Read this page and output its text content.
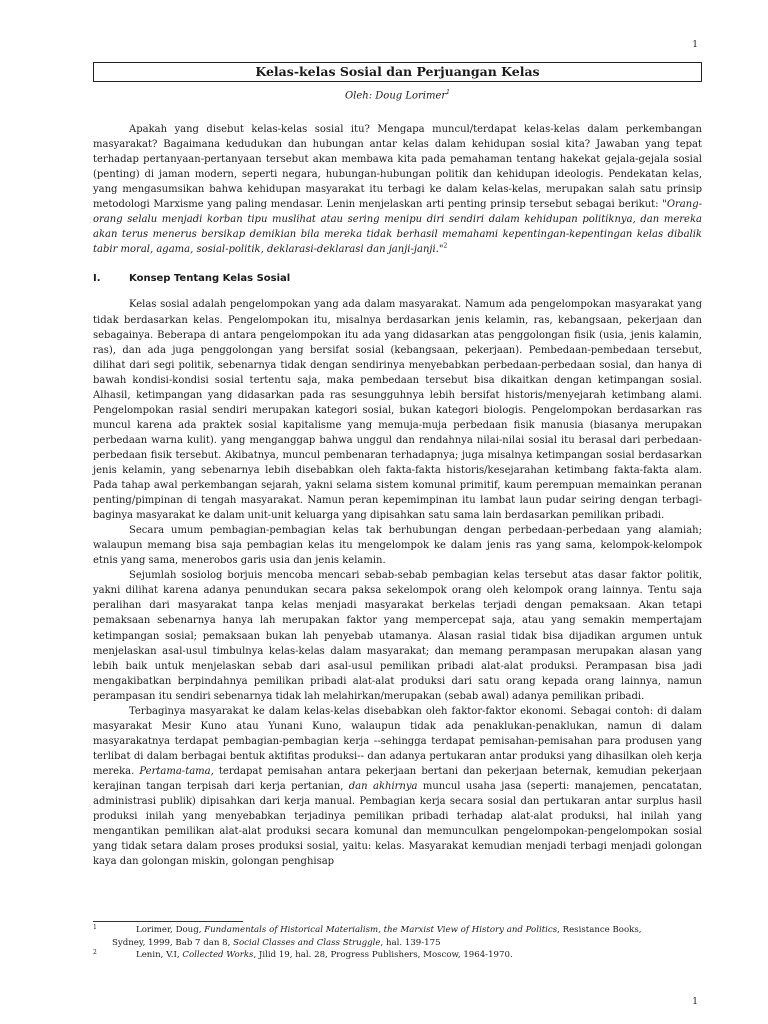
1
Kelas-kelas Sosial dan Perjuangan Kelas
Oleh: Doug Lorimer$^1$

Apakah yang disebut kelas-kelas sosial itu? Mengapa muncul/terdapat kelas-kelas dalam perkembangan masyarakat? Bagaimana kedudukan dan hubungan antar kelas dalam kehidupan sosial kita? Jawaban yang tepat terhadap pertanyaan-pertanyaan tersebut akan membawa kita pada pemahaman tentang hakekat gejala-gejala sosial (penting) di jaman modern, seperti negara, hubungan-hubungan politik dan kehidupan ideologis. Pendekatan kelas, yang mengasumsikan bahwa kehidupan masyarakat itu terbagi ke dalam kelas-kelas, merupakan salah satu prinsip metodologi Marxisme yang paling mendasar. Lenin menjelaskan arti penting prinsip tersebut sebagai berikut: "Orang-orang selalu menjadi korban tipu muslihat atau sering menipu diri sendiri dalam kehidupan politiknya, dan mereka akan terus menerus bersikap demikian bila mereka tidak berhasil memahami kepentingan-kepentingan kelas dibalik tabir moral, agama, sosial-politik, deklarasi-deklarasi dan janji-janji."$^2$

I.	Konsep Tentang Kelas Sosial

Kelas sosial adalah pengelompokan yang ada dalam masyarakat. Namum ada pengelompokan masyarakat yang tidak berdasarkan kelas. Pengelompokan itu, misalnya berdasarkan jenis kelamin, ras, kebangsaan, pekerjaan dan sebagainya. Beberapa di antara pengelompokan itu ada yang didasarkan atas penggolongan fisik (usia, jenis kalamin, ras), dan ada juga penggolongan yang bersifat sosial (kebangsaan, pekerjaan). Pembedaan-pembedaan tersebut, dilihat dari segi politik, sebenarnya tidak dengan sendirinya menyebabkan perbedaan-perbedaan sosial, dan hanya di bawah kondisi-kondisi sosial tertentu saja, maka pembedaan tersebut bisa dikaitkan dengan ketimpangan sosial. Alhasil, ketimpangan yang didasarkan pada ras sesungguhnya lebih bersifat historis/menyejarah ketimbang alami. Pengelompokan rasial sendiri merupakan kategori sosial, bukan kategori biologis. Pengelompokan berdasarkan ras muncul karena ada praktek sosial kapitalisme yang memuja-muja perbedaan fisik manusia (biasanya merupakan perbedaan warna kulit). yang menganggap bahwa unggul dan rendahnya nilai-nilai sosial itu berasal dari perbedaan-perbedaan fisik tersebut. Akibatnya, muncul pembenaran terhadapnya; juga misalnya ketimpangan sosial berdasarkan jenis kelamin, yang sebenarnya lebih disebabkan oleh fakta-fakta historis/kesejarahan ketimbang fakta-fakta alam. Pada tahap awal perkembangan sejarah, yakni selama sistem komunal primitif, kaum perempuan memainkan peranan penting/pimpinan di tengah masyarakat. Namun peran kepemimpinan itu lambat laun pudar seiring dengan terbagi-baginya masyarakat ke dalam unit-unit keluarga yang dipisahkan satu sama lain berdasarkan pemilikan pribadi.

Secara umum pembagian-pembagian kelas tak berhubungan dengan perbedaan-perbedaan yang alamiah; walaupun memang bisa saja pembagian kelas itu mengelompok ke dalam jenis ras yang sama, kelompok-kelompok etnis yang sama, menerobos garis usia dan jenis kelamin.

Sejumlah sosiolog borjuis mencoba mencari sebab-sebab pembagian kelas tersebut atas dasar faktor politik, yakni dilihat karena adanya penundukan secara paksa sekelompok orang oleh kelompok orang lainnya. Tentu saja peralihan dari masyarakat tanpa kelas menjadi masyarakat berkelas terjadi dengan pemaksaan. Akan tetapi pemaksaan sebenarnya hanya lah merupakan faktor yang mempercepat saja, atau yang semakin mempertajam ketimpangan sosial; pemaksaan bukan lah penyebab utamanya. Alasan rasial tidak bisa dijadikan argumen untuk menjelaskan asal-usul timbulnya kelas-kelas dalam masyarakat; dan memang perampasan merupakan alasan yang lebih baik untuk menjelaskan sebab dari asal-usul pemilikan pribadi alat-alat produksi. Perampasan bisa jadi mengakibatkan berpindahnya pemilikan pribadi alat-alat produksi dari satu orang kepada orang lainnya, namun perampasan itu sendiri sebenarnya tidak lah melahirkan/merupakan (sebab awal) adanya pemilikan pribadi.

Terbaginya masyarakat ke dalam kelas-kelas disebabkan oleh faktor-faktor ekonomi. Sebagai contoh: di dalam masyarakat Mesir Kuno atau Yunani Kuno, walaupun tidak ada penaklukan-penaklukan, namun di dalam masyarakatnya terdapat pembagian-pembagian kerja --sehingga terdapat pemisahan-pemisahan para produsen yang terlibat di dalam berbagai bentuk aktifitas produksi-- dan adanya pertukaran antar produksi yang dihasilkan oleh kerja mereka. Pertama-tama, terdapat pemisahan antara pekerjaan bertani dan pekerjaan beternak, kemudian pekerjaan kerajinan tangan terpisah dari kerja pertanian, dan akhirnya muncul usaha jasa (seperti: manajemen, pencatatan, administrasi publik) dipisahkan dari kerja manual. Pembagian kerja secara sosial dan pertukaran antar surplus hasil produksi inilah yang menyebabkan terjadinya pemilikan pribadi terhadap alat-alat produksi, hal inilah yang mengantikan pemilikan alat-alat produksi secara komunal dan memunculkan pengelompokan-pengelompokan sosial yang tidak setara dalam proses produksi sosial, yaitu: kelas. Masyarakat kemudian menjadi terbagi menjadi golongan kaya dan golongan miskin, golongan penghisap

1	Lorimer, Doug, Fundamentals of Historical Materialism, the Marxist View of History and Politics, Resistance Books,
Sydney, 1999, Bab 7 dan 8, Social Classes and Class Struggle, hal. 139-175
2	Lenin, V.I, Collected Works, Jilid 19, hal. 28, Progress Publishers, Moscow, 1964-1970.
1
